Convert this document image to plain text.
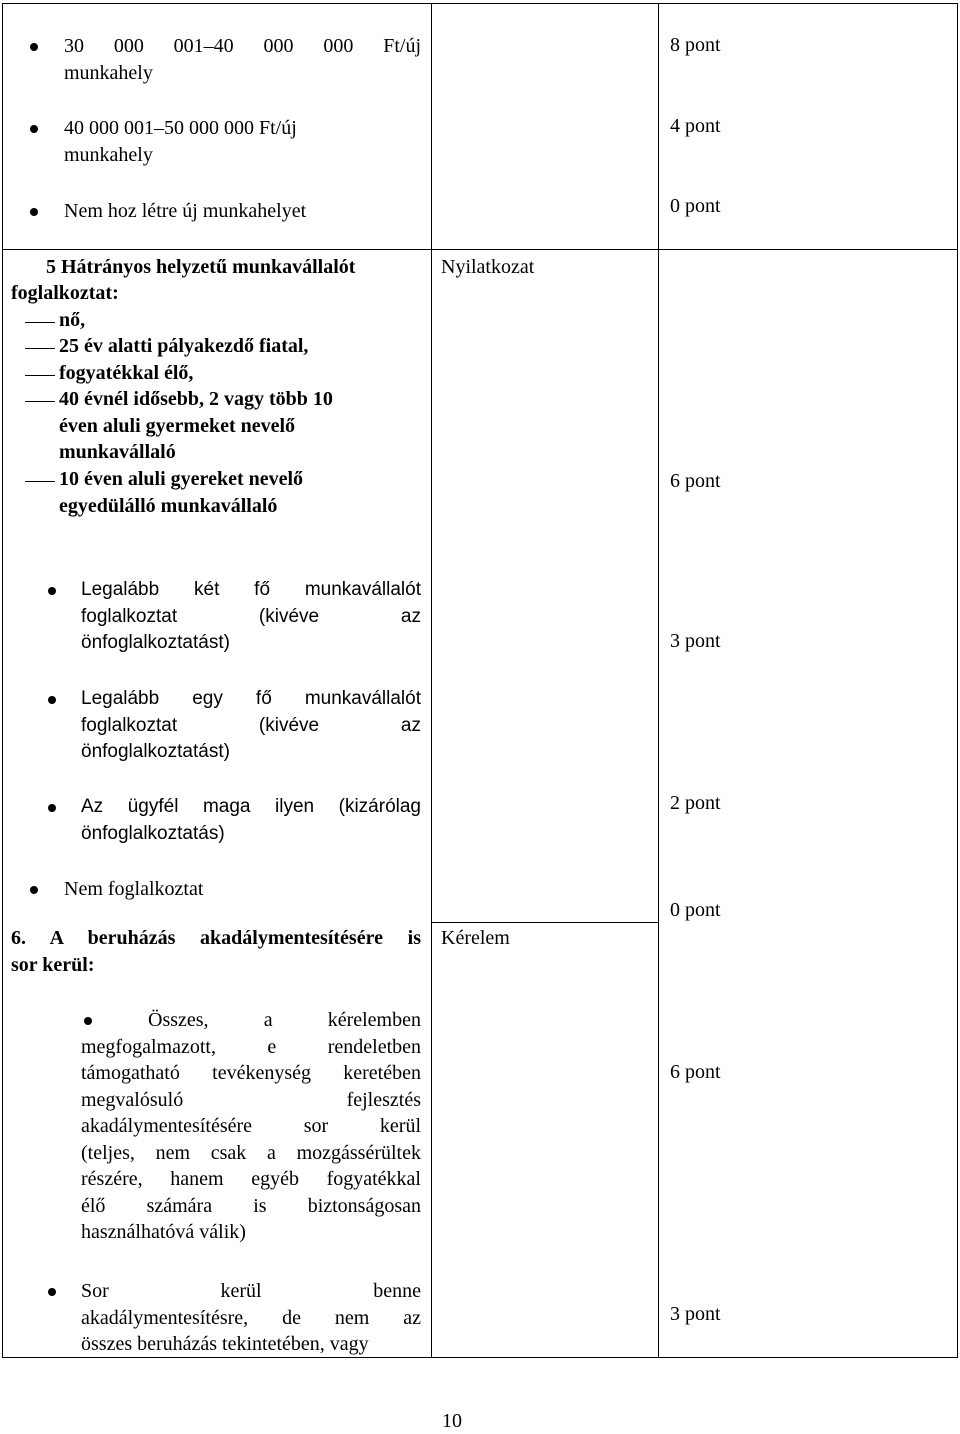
30 000 001–40 000 000 Ft/új
munkahely
40 000 001–50 000 000 Ft/új
munkahely
Nem hoz létre új munkahelyet
8 pont
4 pont
0 pont
5 Hátrányos helyzetű munkavállalót
foglalkoztat:
nő,
25 év alatti pályakezdő fiatal,
fogyatékkal élő,
40 évnél idősebb, 2 vagy több 10
éven aluli gyermeket nevelő
munkavállaló
10 éven aluli gyereket nevelő
egyedülálló munkavállaló
Nyilatkozat
6 pont
Legalább két fő munkavállalót
foglalkoztat (kivéve az
önfoglalkoztatást)
Legalább egy fő munkavállalót
foglalkoztat (kivéve az
önfoglalkoztatást)
Az ügyfél maga ilyen (kizárólag
önfoglalkoztatás)
Nem foglalkoztat
3 pont
2 pont
0 pont
6. A beruházás akadálymentesítésére is
sor kerül:
Kérelem
Összes, a kérelemben
megfogalmazott, e rendeletben
támogatható tevékenység keretében
megvalósuló fejlesztés
akadálymentesítésére sor kerül
(teljes, nem csak a mozgássérültek
részére, hanem egyéb fogyatékkal
élő számára is biztonságosan
használhatóvá válik)
Sor kerül benne
akadálymentesítésre, de nem az
összes beruházás tekintetében, vagy
6 pont
3 pont
10
